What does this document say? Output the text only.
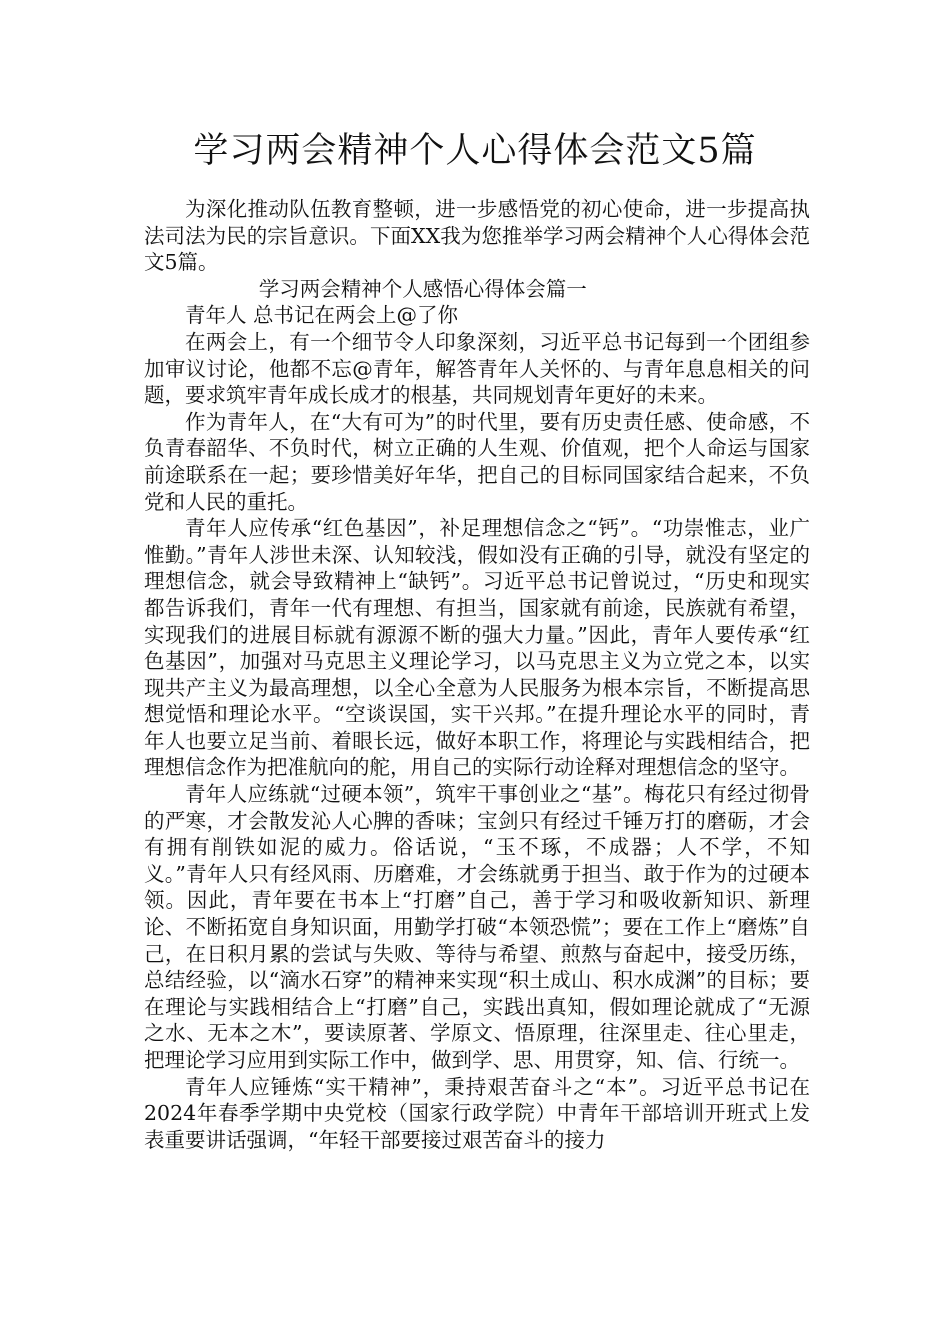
学习两会精神个人心得体会范文5篇

为深化推动队伍教育整顿，进一步感悟党的初心使命，进一步提高执法司法为民的宗旨意识。下面XX我为您推举学习两会精神个人心得体会范文5篇。

学习两会精神个人感悟心得体会篇一

青年人 总书记在两会上@了你

在两会上，有一个细节令人印象深刻，习近平总书记每到一个团组参加审议讨论，他都不忘@青年，解答青年人关怀的、与青年息息相关的问题，要求筑牢青年成长成才的根基，共同规划青年更好的未来。

作为青年人，在“大有可为”的时代里，要有历史责任感、使命感，不负青春韶华、不负时代，树立正确的人生观、价值观，把个人命运与国家前途联系在一起；要珍惜美好年华，把自己的目标同国家结合起来，不负党和人民的重托。

青年人应传承“红色基因”，补足理想信念之“钙”。“功崇惟志，业广惟勤。”青年人涉世未深、认知较浅，假如没有正确的引导，就没有坚定的理想信念，就会导致精神上“缺钙”。习近平总书记曾说过，“历史和现实都告诉我们，青年一代有理想、有担当，国家就有前途，民族就有希望，实现我们的进展目标就有源源不断的强大力量。”因此，青年人要传承“红色基因”，加强对马克思主义理论学习，以马克思主义为立党之本，以实现共产主义为最高理想，以全心全意为人民服务为根本宗旨，不断提高思想觉悟和理论水平。“空谈误国，实干兴邦。”在提升理论水平的同时，青年人也要立足当前、着眼长远，做好本职工作，将理论与实践相结合，把理想信念作为把准航向的舵，用自己的实际行动诠释对理想信念的坚守。

青年人应练就“过硬本领”，筑牢干事创业之“基”。梅花只有经过彻骨的严寒，才会散发沁人心脾的香味；宝剑只有经过千锤万打的磨砺，才会有拥有削铁如泥的威力。俗话说，“玉不琢，不成器；人不学，不知义。”青年人只有经风雨、历磨难，才会练就勇于担当、敢于作为的过硬本领。因此，青年要在书本上“打磨”自己，善于学习和吸收新知识、新理论、不断拓宽自身知识面，用勤学打破“本领恐慌”；要在工作上“磨炼”自己，在日积月累的尝试与失败、等待与希望、煎熬与奋起中，接受历练，总结经验，以“滴水石穿”的精神来实现“积土成山、积水成渊”的目标；要在理论与实践相结合上“打磨”自己，实践出真知，假如理论就成了“无源之水、无本之木”，要读原著、学原文、悟原理，往深里走、往心里走，把理论学习应用到实际工作中，做到学、思、用贯穿，知、信、行统一。

青年人应锤炼“实干精神”，秉持艰苦奋斗之“本”。习近平总书记在2024年春季学期中央党校（国家行政学院）中青年干部培训开班式上发表重要讲话强调，“年轻干部要接过艰苦奋斗的接力
